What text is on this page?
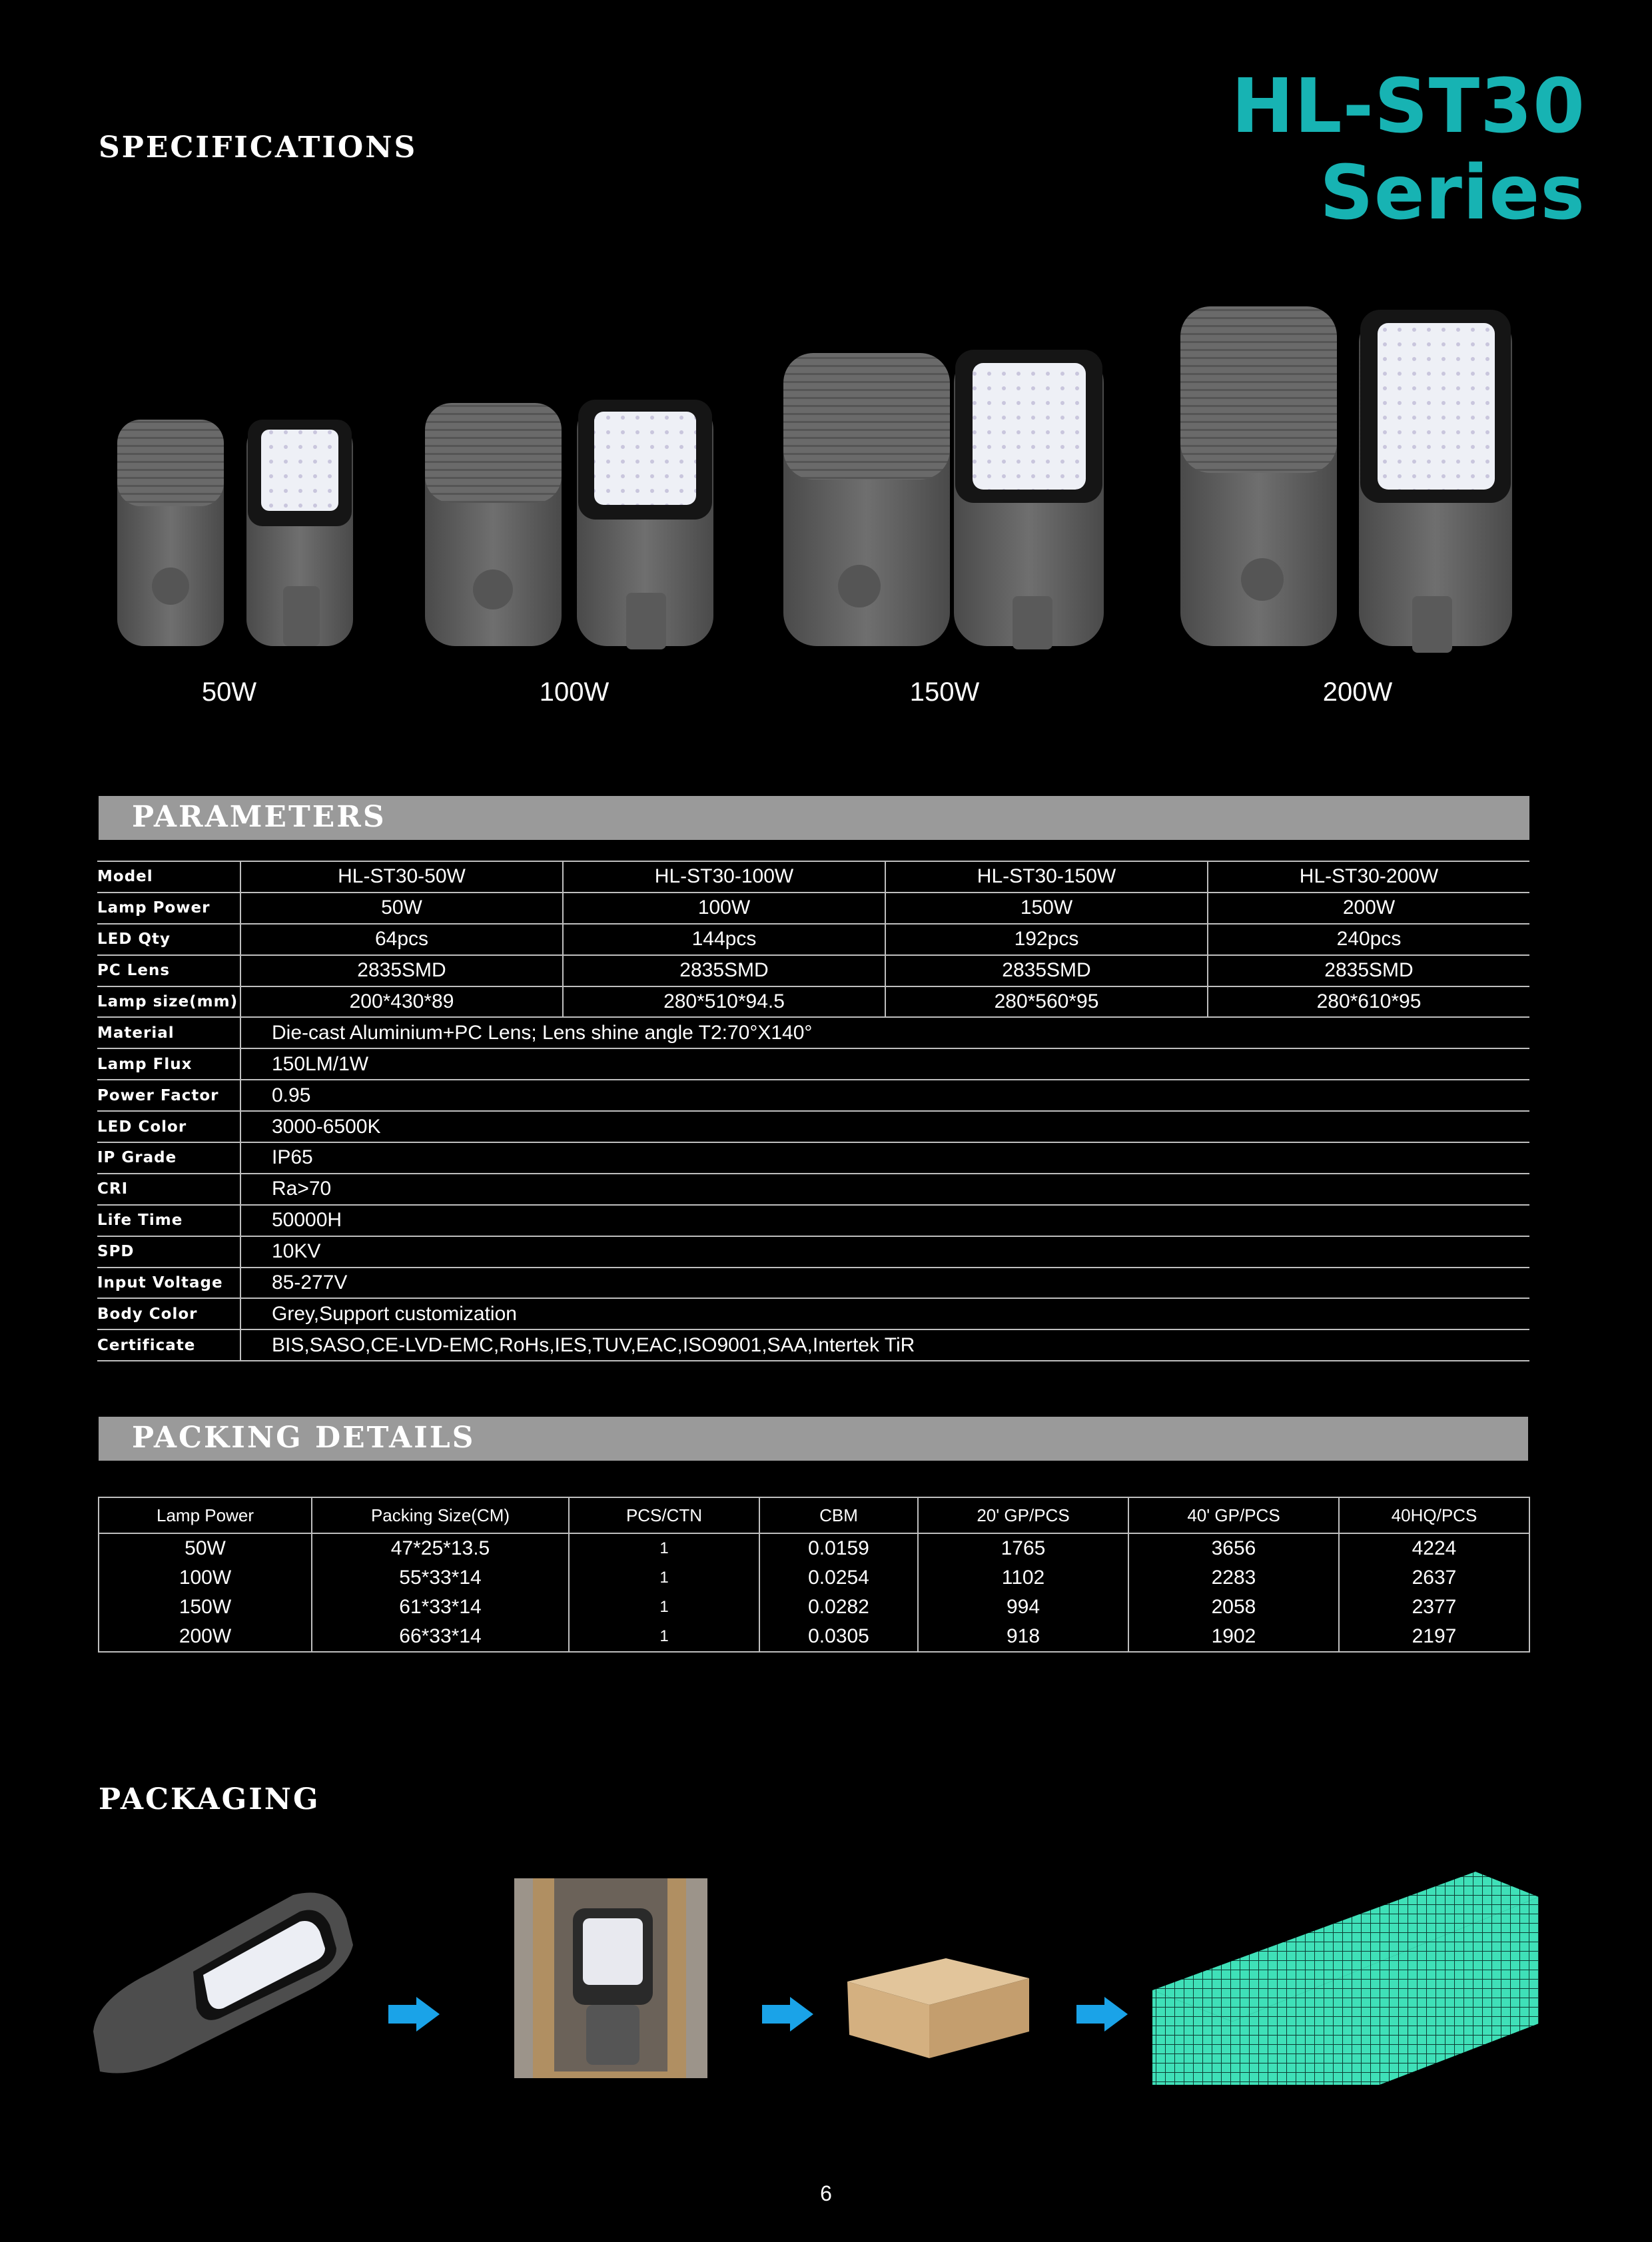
HL-ST30 Series
SPECIFICATIONS
50W	100W	150W	200W
PARAMETERS
Model	HL-ST30-50W	HL-ST30-100W	HL-ST30-150W	HL-ST30-200W
Lamp Power	50W	100W	150W	200W
LED Qty	64pcs	144pcs	192pcs	240pcs
PC Lens	2835SMD	2835SMD	2835SMD	2835SMD
Lamp size(mm)	200*430*89	280*510*94.5	280*560*95	280*610*95
Material	Die-cast Aluminium+PC Lens; Lens shine angle T2:70°X140°			
Lamp Flux	150LM/1W			
Power Factor	0.95			
LED Color	3000-6500K			
IP Grade	IP65			
CRI	Ra>70			
Life Time	50000H			
SPD	10KV			
Input Voltage	85-277V			
Body Color	Grey,Support customization			
Certificate	BIS,SASO,CE-LVD-EMC,RoHs,IES,TUV,EAC,ISO9001,SAA,Intertek TiR			
PACKING DETAILS
Lamp Power	Packing Size(CM)	PCS/CTN	CBM	20' GP/PCS	40' GP/PCS	40HQ/PCS
50W	47*25*13.5	1	0.0159	1765	3656	4224
100W	55*33*14	1	0.0254	1102	2283	2637
150W	61*33*14	1	0.0282	994	2058	2377
200W	66*33*14	1	0.0305	918	1902	2197
PACKAGING
6
